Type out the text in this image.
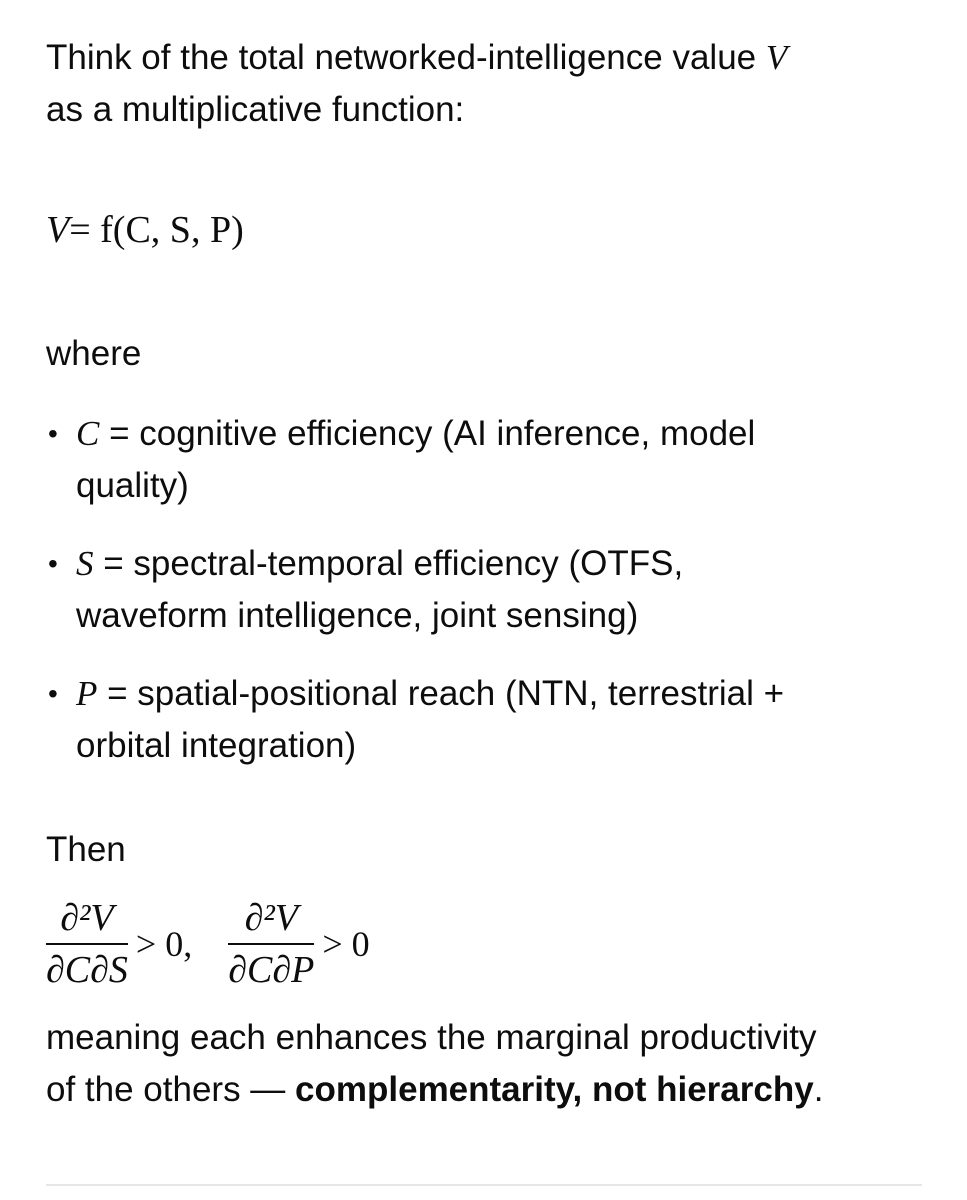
Think of the total networked-intelligence value V

as a multiplicative function:

V= f(C, S, P)

where

• C = cognitive efficiency (AI inference, model
quality)
• S = spectral-temporal efficiency (OTFS,
waveform intelligence, joint sensing)
• P = spatial-positional reach (NTN, terrestrial +
orbital integration)

Then

$\frac{\text{∂²V}}{\partial C\partial S} > 0$, $\frac{\text{∂²V}}{\partial C\partial P} > 0$

meaning each enhances the marginal productivity

of the others — complementarity, not hierarchy.
